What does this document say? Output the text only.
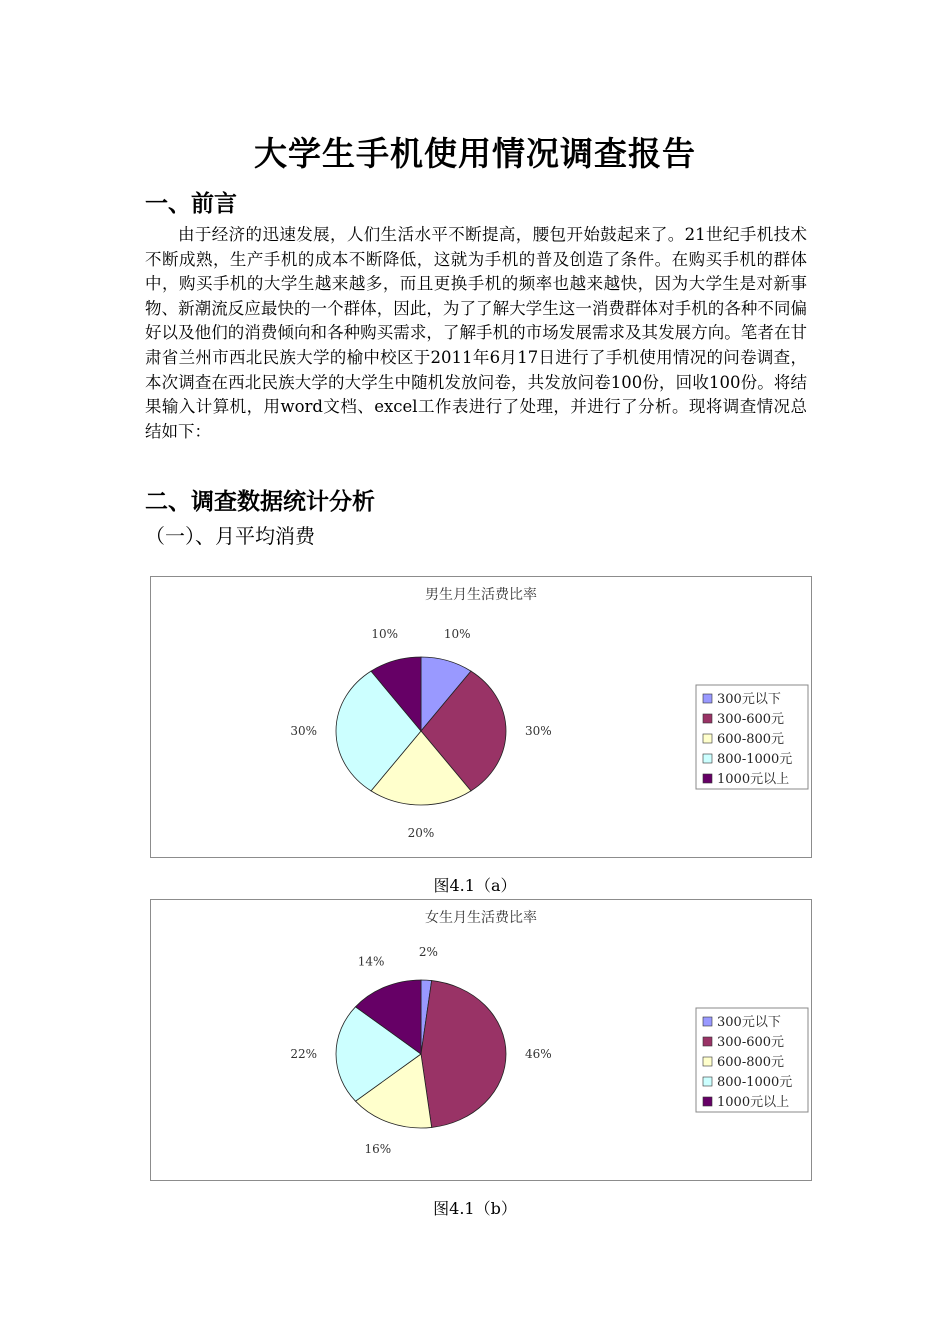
大学生手机使用情况调查报告
一、前言

由于经济的迅速发展，人们生活水平不断提高，腰包开始鼓起来了。21世纪手机技术不断成熟，生产手机的成本不断降低，这就为手机的普及创造了条件。在购买手机的群体中，购买手机的大学生越来越多，而且更换手机的频率也越来越快，因为大学生是对新事物、新潮流反应最快的一个群体，因此，为了了解大学生这一消费群体对手机的各种不同偏好以及他们的消费倾向和各种购买需求，了解手机的市场发展需求及其发展方向。笔者在甘肃省兰州市西北民族大学的榆中校区于2011年6月17日进行了手机使用情况的问卷调查，本次调查在西北民族大学的大学生中随机发放问卷，共发放问卷100份，回收100份。将结果输入计算机，用word文档、excel工作表进行了处理，并进行了分析。现将调查情况总结如下：

二、调查数据统计分析
（一）、月平均消费
男生月生活费比率
10%
30%
20%
30%
10%
300元以下
300-600元
600-800元
800-1000元
1000元以上
图4.1（a）
女生月生活费比率
2%
46%
16%
22%
14%
300元以下
300-600元
600-800元
800-1000元
1000元以上
图4.1（b）
